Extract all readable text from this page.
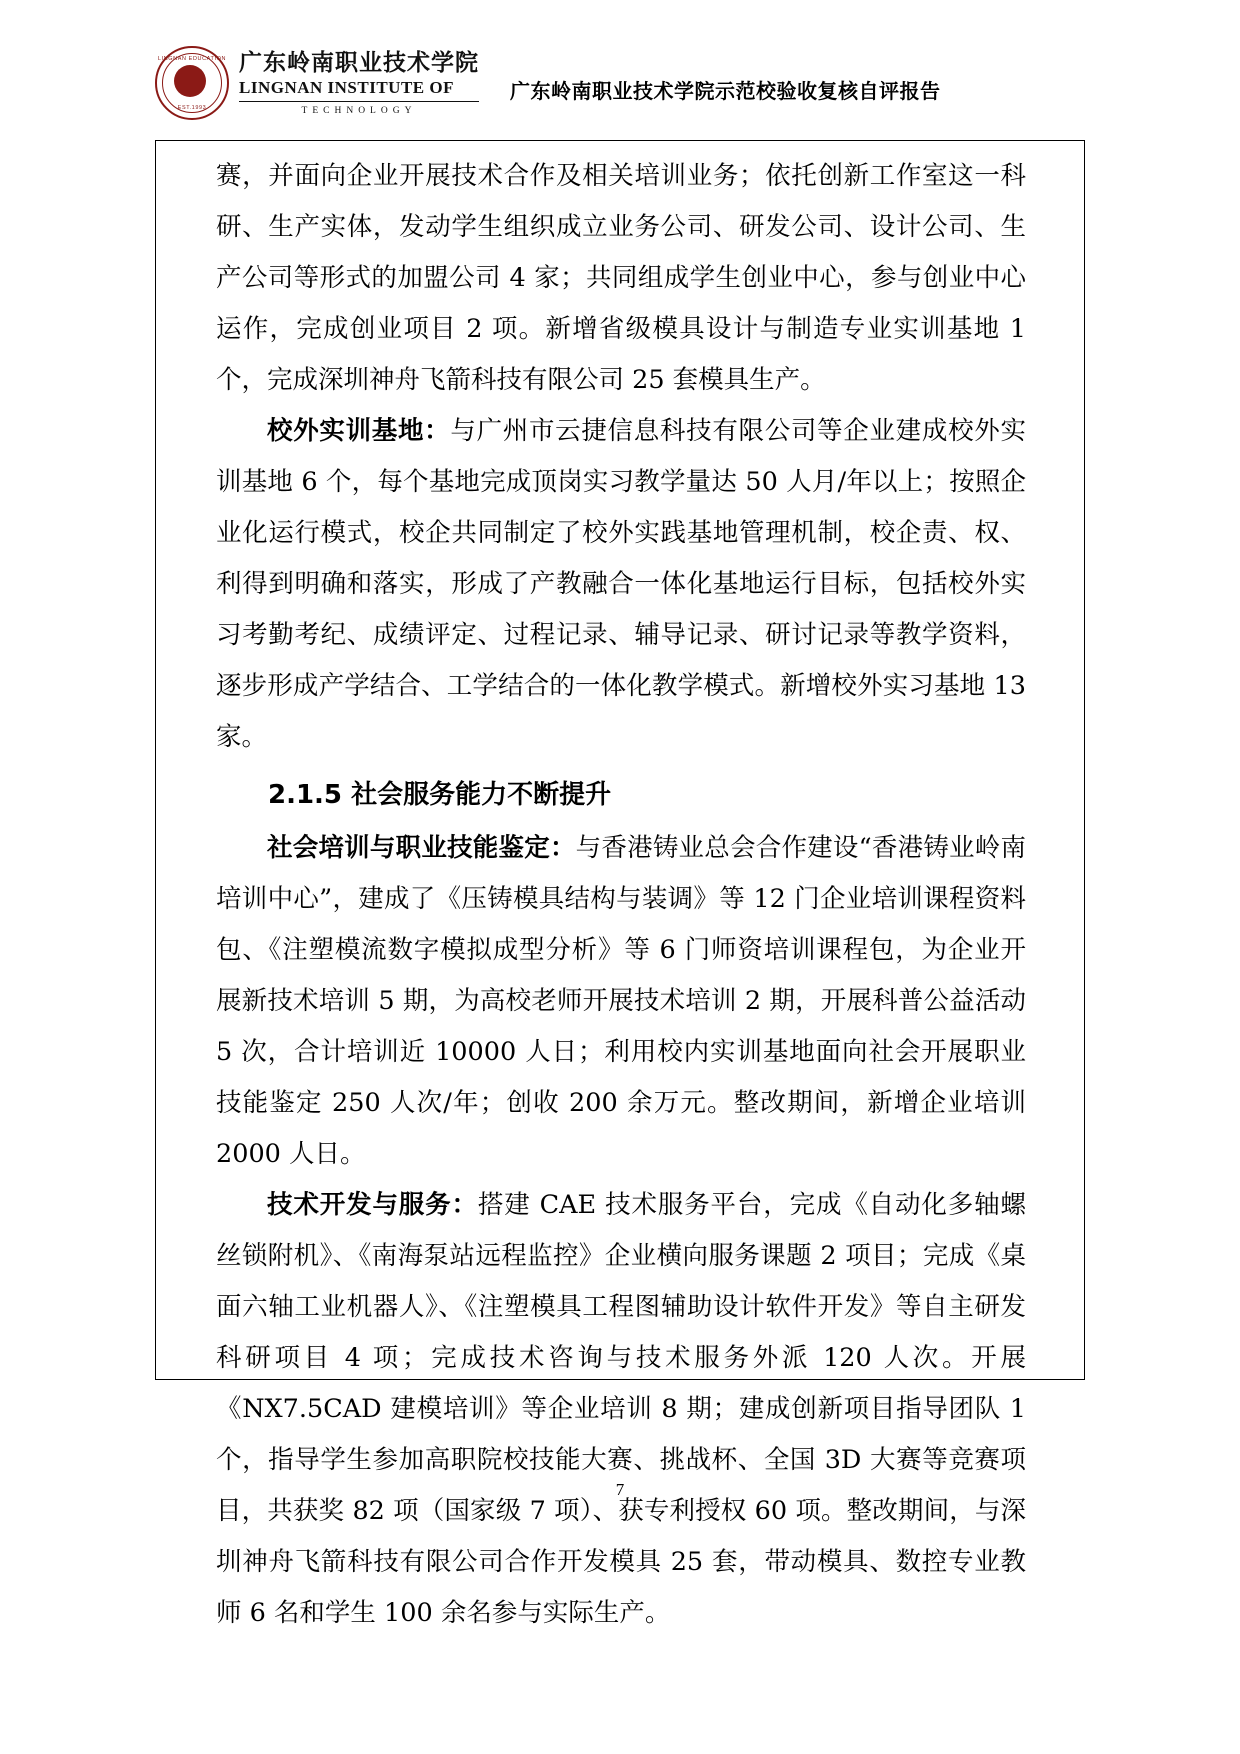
LINGNAN EDUCATION
EST.1993
广东岭南职业技术学院
LINGNAN INSTITUTE OF
TECHNOLOGY
广东岭南职业技术学院示范校验收复核自评报告

赛，并面向企业开展技术合作及相关培训业务；依托创新工作室这一科研、生产实体，发动学生组织成立业务公司、研发公司、设计公司、生产公司等形式的加盟公司 4 家；共同组成学生创业中心，参与创业中心运作，完成创业项目 2 项。新增省级模具设计与制造专业实训基地 1 个，完成深圳神舟飞箭科技有限公司 25 套模具生产。

校外实训基地：与广州市云捷信息科技有限公司等企业建成校外实训基地 6 个，每个基地完成顶岗实习教学量达 50 人月/年以上；按照企业化运行模式，校企共同制定了校外实践基地管理机制，校企责、权、利得到明确和落实，形成了产教融合一体化基地运行目标，包括校外实习考勤考纪、成绩评定、过程记录、辅导记录、研讨记录等教学资料，逐步形成产学结合、工学结合的一体化教学模式。新增校外实习基地 13 家。

2.1.5 社会服务能力不断提升

社会培训与职业技能鉴定：与香港铸业总会合作建设“香港铸业岭南培训中心”，建成了《压铸模具结构与装调》等 12 门企业培训课程资料包、《注塑模流数字模拟成型分析》等 6 门师资培训课程包，为企业开展新技术培训 5 期，为高校老师开展技术培训 2 期，开展科普公益活动 5 次，合计培训近 10000 人日；利用校内实训基地面向社会开展职业技能鉴定 250 人次/年；创收 200 余万元。整改期间，新增企业培训 2000 人日。

技术开发与服务：搭建 CAE 技术服务平台，完成《自动化多轴螺丝锁附机》、《南海泵站远程监控》企业横向服务课题 2 项目；完成《桌面六轴工业机器人》、《注塑模具工程图辅助设计软件开发》等自主研发科研项目 4 项；完成技术咨询与技术服务外派 120 人次。开展《NX7.5CAD 建模培训》等企业培训 8 期；建成创新项目指导团队 1 个，指导学生参加高职院校技能大赛、挑战杯、全国 3D 大赛等竞赛项目，共获奖 82 项（国家级 7 项）、获专利授权 60 项。整改期间，与深圳神舟飞箭科技有限公司合作开发模具 25 套，带动模具、数控专业教师 6 名和学生 100 余名参与实际生产。

7
